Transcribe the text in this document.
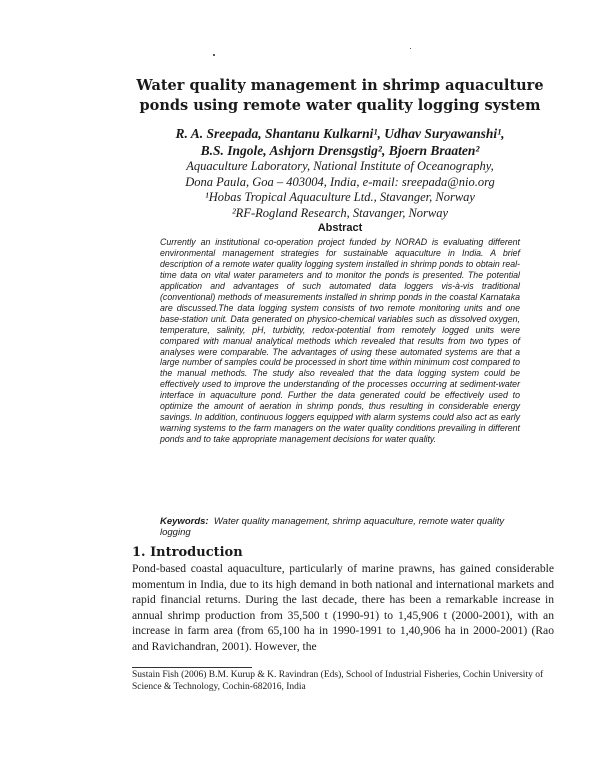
Water quality management in shrimp aquaculture ponds using remote water quality logging system
R. A. Sreepada, Shantanu Kulkarni¹, Udhav Suryawanshi¹,
B.S. Ingole, Ashjorn Drensgstig², Bjoern Braaten²
Aquaculture Laboratory, National Institute of Oceanography,
Dona Paula, Goa – 403004, India, e-mail: sreepada@nio.org
¹Hobas Tropical Aquaculture Ltd., Stavanger, Norway
²RF-Rogland Research, Stavanger, Norway
Abstract

Currently an institutional co-operation project funded by NORAD is evaluating different environmental management strategies for sustainable aquaculture in India. A brief description of a remote water quality logging system installed in shrimp ponds to obtain real-time data on vital water parameters and to monitor the ponds is presented. The potential application and advantages of such automated data loggers vis-à-vis traditional (conventional) methods of measurements installed in shrimp ponds in the coastal Karnataka are discussed.The data logging system consists of two remote monitoring units and one base-station unit. Data generated on physico-chemical variables such as dissolved oxygen, temperature, salinity, pH, turbidity, redox-potential from remotely logged units were compared with manual analytical methods which revealed that results from two types of analyses were comparable. The advantages of using these automated systems are that a large number of samples could be processed in short time within minimum cost compared to the manual methods. The study also revealed that the data logging system could be effectively used to improve the understanding of the processes occurring at sediment-water interface in aquaculture pond. Further the data generated could be effectively used to optimize the amount of aeration in shrimp ponds, thus resulting in considerable energy savings. In addition, continuous loggers equipped with alarm systems could also act as early warning systems to the farm managers on the water quality conditions prevailing in different ponds and to take appropriate management decisions for water quality.

Keywords: Water quality management, shrimp aquaculture, remote water quality logging

1. Introduction

Pond-based coastal aquaculture, particularly of marine prawns, has gained considerable momentum in India, due to its high demand in both national and international markets and rapid financial returns. During the last decade, there has been a remarkable increase in annual shrimp production from 35,500 t (1990-91) to 1,45,906 t (2000-2001), with an increase in farm area (from 65,100 ha in 1990-1991 to 1,40,906 ha in 2000-2001) (Rao and Ravichandran, 2001). However, the

Sustain Fish (2006) B.M. Kurup & K. Ravindran (Eds), School of Industrial Fisheries, Cochin University of Science & Technology, Cochin-682016, India
